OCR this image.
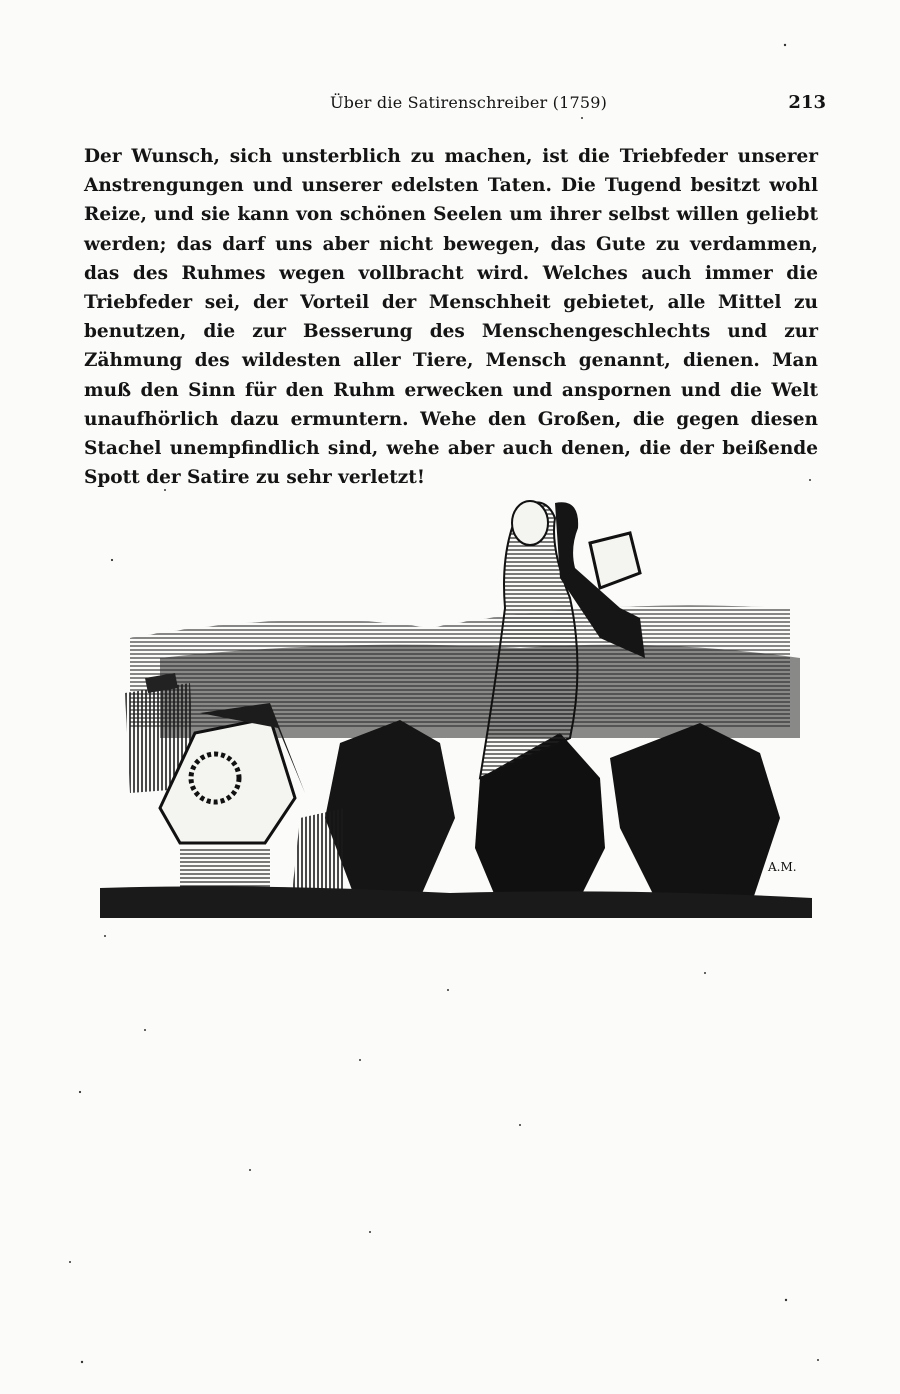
Über die Satirenschreiber (1759)	213

Der Wunsch, sich unsterblich zu machen, ist die Triebfeder unserer Anstrengungen und unserer edelsten Taten. Die Tugend besitzt wohl Reize, und sie kann von schönen Seelen um ihrer selbst willen geliebt werden; das darf uns aber nicht bewegen, das Gute zu verdammen, das des Ruhmes wegen vollbracht wird. Welches auch immer die Triebfeder sei, der Vorteil der Menschheit gebietet, alle Mittel zu benutzen, die zur Besserung des Menschengeschlechts und zur Zähmung des wildesten aller Tiere, Mensch genannt, dienen. Man muß den Sinn für den Ruhm erwecken und anspornen und die Welt unaufhörlich dazu ermuntern. Wehe den Großen, die gegen diesen Stachel unempfindlich sind, wehe aber auch denen, die der beißende Spott der Satire zu sehr verletzt!

A.M.
